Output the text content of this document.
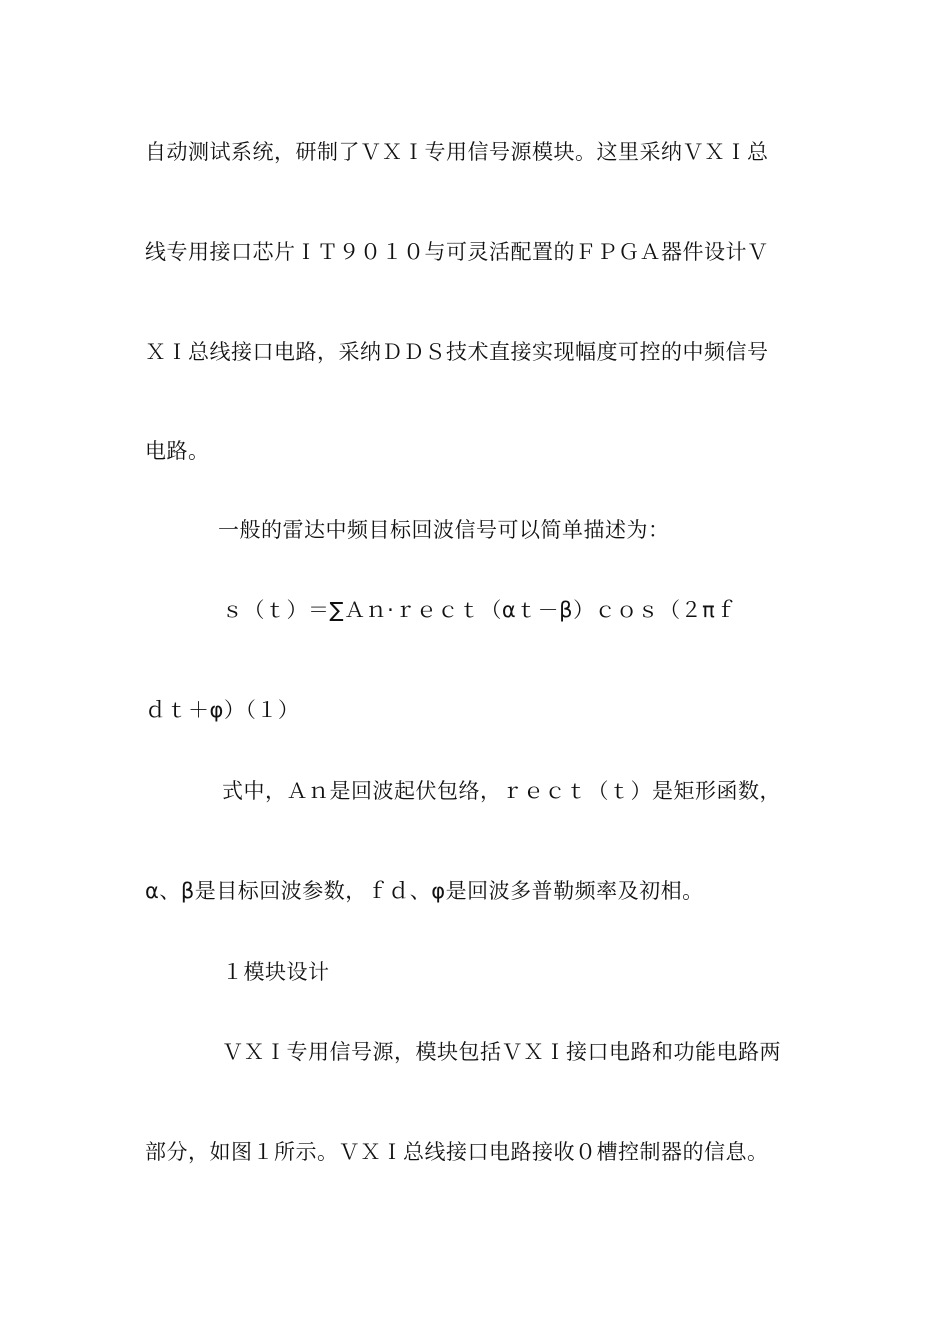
自动测试系统，研制了ＶＸＩ专用信号源模块。这里采纳ＶＸＩ总
线专用接口芯片ＩＴ９０１０与可灵活配置的ＦＰＧＡ器件设计Ｖ
ＸＩ总线接口电路，采纳ＤＤＳ技术直接实现幅度可控的中频信号
电路。
一般的雷达中频目标回波信号可以简单描述为：
ｓ（ｔ）＝∑Ａｎ·ｒｅｃｔ（αｔ－β）ｃｏｓ（２πｆ
ｄｔ＋φ）（１）
式中，Ａｎ是回波起伏包络，ｒｅｃｔ（ｔ）是矩形函数，
α、β是目标回波参数，ｆｄ、φ是回波多普勒频率及初相。
１模块设计
ＶＸＩ专用信号源，模块包括ＶＸＩ接口电路和功能电路两
部分，如图１所示。ＶＸＩ总线接口电路接收０槽控制器的信息。
